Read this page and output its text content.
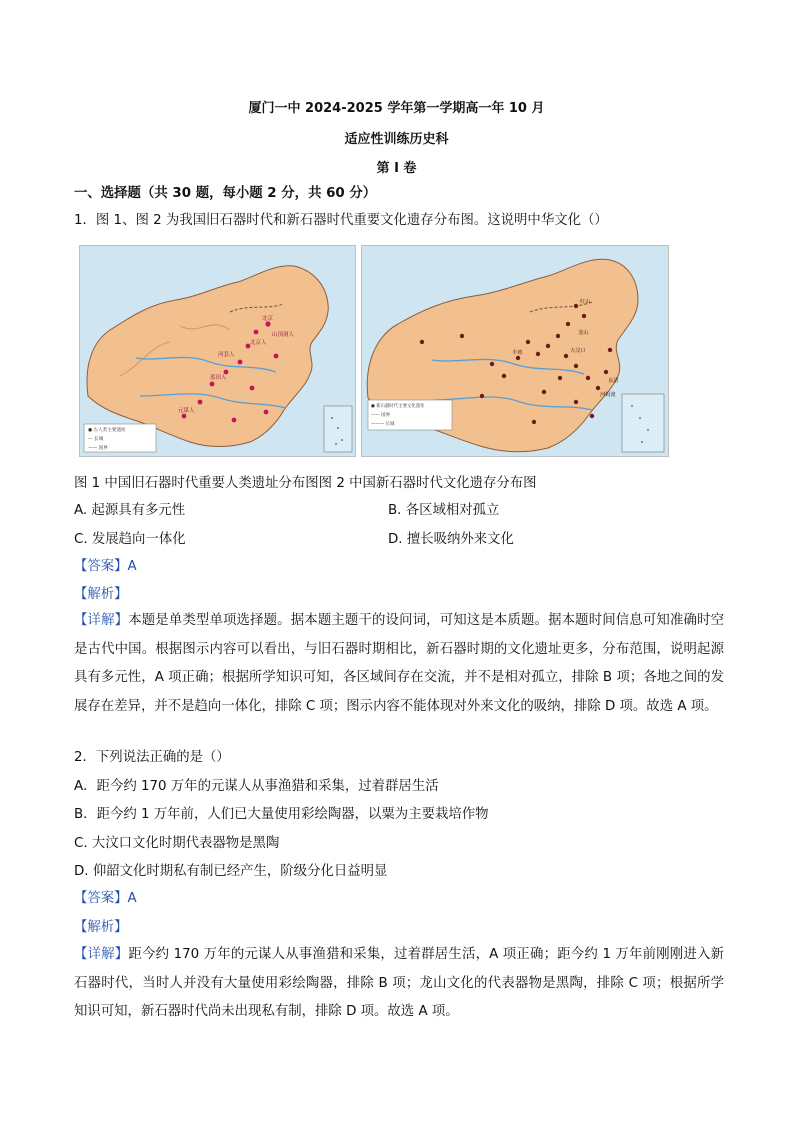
厦门一中 2024-2025 学年第一学期高一年 10 月
适应性训练历史科
第 I 卷
一、选择题（共 30 题，每小题 2 分，共 60 分）
1．图 1、图 2 为我国旧石器时代和新石器时代重要文化遗存分布图。这说明中华文化（）
北京
蓝田人
元谋人
山顶洞人
北京人
河套人
● 古人类主要遗址
— 长城
—— 国界
红山
半坡
河姆渡
大汶口
良渚
龙山
● 新石器时代主要文化遗址
—— 国界
——— 长城
图 1 中国旧石器时代重要人类遗址分布图图 2 中国新石器时代文化遗存分布图
A. 起源具有多元性	B. 各区域相对孤立
C. 发展趋向一体化	D. 擅长吸纳外来文化
【答案】A
【解析】
【详解】本题是单类型单项选择题。据本题主题干的设问词，可知这是本质题。据本题时间信息可知准确时空是古代中国。根据图示内容可以看出，与旧石器时期相比，新石器时期的文化遗址更多，分布范围，说明起源具有多元性，A 项正确；根据所学知识可知，各区域间存在交流，并不是相对孤立，排除 B 项；各地之间的发展存在差异，并不是趋向一体化，排除 C 项；图示内容不能体现对外来文化的吸纳，排除 D 项。故选 A 项。
2．下列说法正确的是（）
A．距今约 170 万年的元谋人从事渔猎和采集，过着群居生活
B．距今约 1 万年前，人们已大量使用彩绘陶器，以粟为主要栽培作物
C. 大汶口文化时期代表器物是黑陶
D. 仰韶文化时期私有制已经产生，阶级分化日益明显
【答案】A
【解析】
【详解】距今约 170 万年的元谋人从事渔猎和采集，过着群居生活，A 项正确；距今约 1 万年前刚刚进入新石器时代，当时人并没有大量使用彩绘陶器，排除 B 项；龙山文化的代表器物是黑陶，排除 C 项；根据所学知识可知，新石器时代尚未出现私有制，排除 D 项。故选 A 项。
